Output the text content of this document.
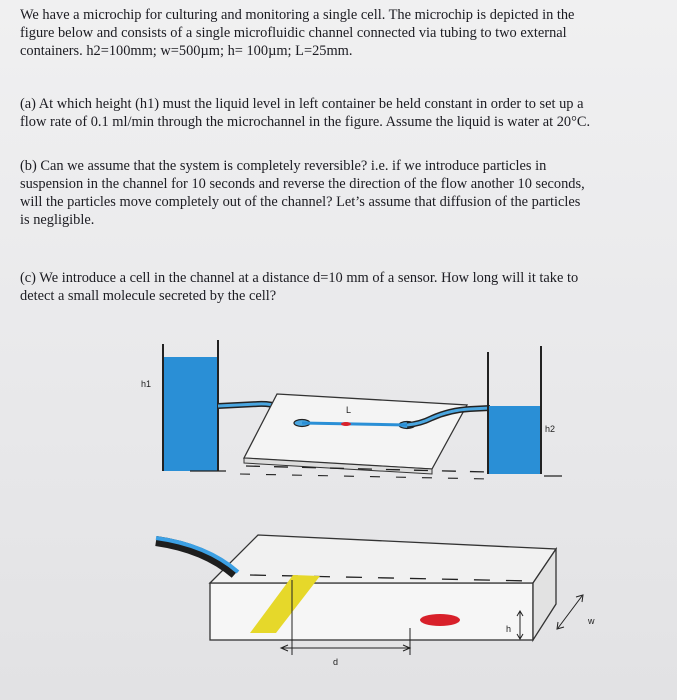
We have a microchip for culturing and monitoring a single cell. The microchip is depicted in the
figure below and consists of a single microfluidic channel connected via tubing to two external
containers. h2=100mm; w=500µm; h= 100µm; L=25mm.

(a) At which height (h1) must the liquid level in left container be held constant in order to set up a
flow rate of 0.1 ml/min through the microchannel in the figure. Assume the liquid is water at 20°C.

(b) Can we assume that the system is completely reversible? i.e. if we introduce particles in
suspension in the channel for 10 seconds and reverse the direction of the flow another 10 seconds,
will the particles move completely out of the channel? Let’s assume that diffusion of the particles
is negligible.

(c) We introduce a cell in the channel at a distance d=10 mm of a sensor. How long will it take to
detect a small molecule secreted by the cell?

L
h1
h2
h
w
d
